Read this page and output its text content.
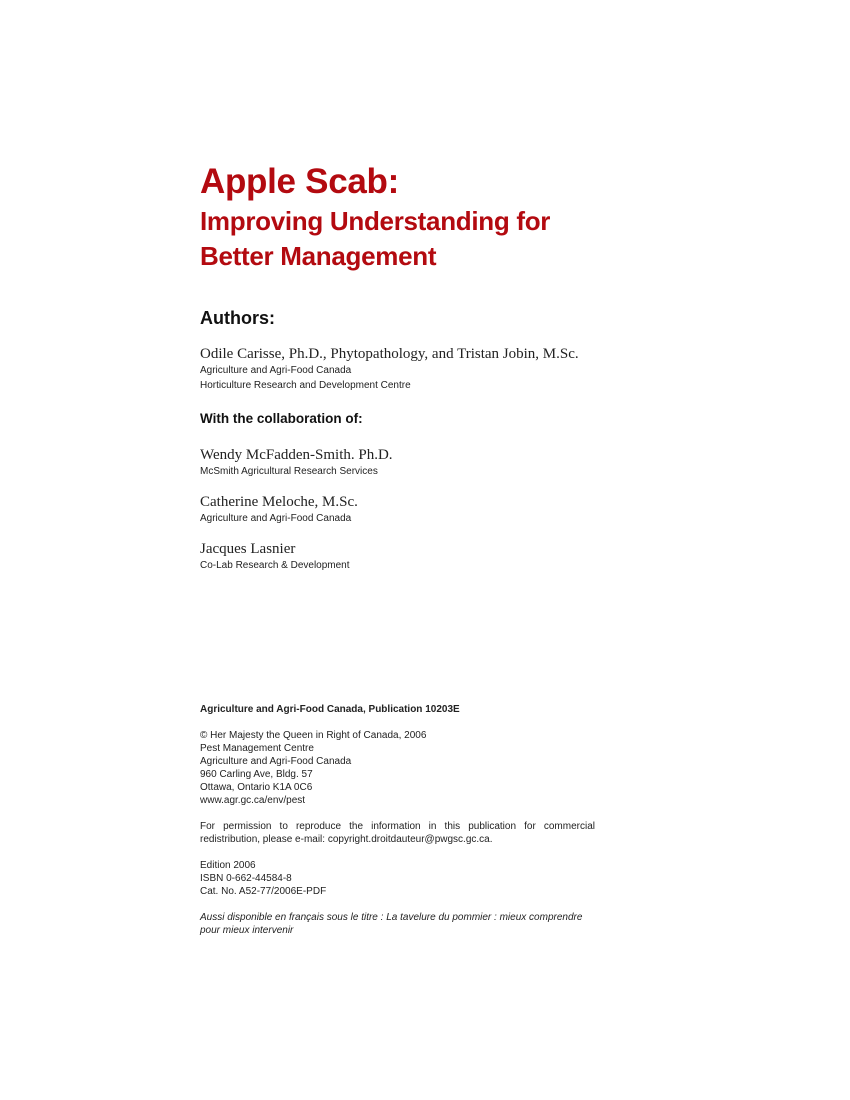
Apple Scab:
Improving Understanding for
Better Management
Authors:

Odile Carisse, Ph.D., Phytopathology, and Tristan Jobin, M.Sc.

Agriculture and Agri-Food Canada

Horticulture Research and Development Centre

With the collaboration of:

Wendy McFadden-Smith. Ph.D.

McSmith Agricultural Research Services

Catherine Meloche, M.Sc.

Agriculture and Agri-Food Canada

Jacques Lasnier

Co-Lab Research & Development

Agriculture and Agri-Food Canada, Publication 10203E

© Her Majesty the Queen in Right of Canada, 2006

Pest Management Centre

Agriculture and Agri-Food Canada

960 Carling Ave, Bldg. 57

Ottawa, Ontario K1A 0C6

www.agr.gc.ca/env/pest

For permission to reproduce the information in this publication for commercial redistribution, please e-mail: copyright.droitdauteur@pwgsc.gc.ca.

Edition 2006

ISBN 0-662-44584-8

Cat. No. A52-77/2006E-PDF

Aussi disponible en français sous le titre : La tavelure du pommier : mieux comprendre pour mieux intervenir
